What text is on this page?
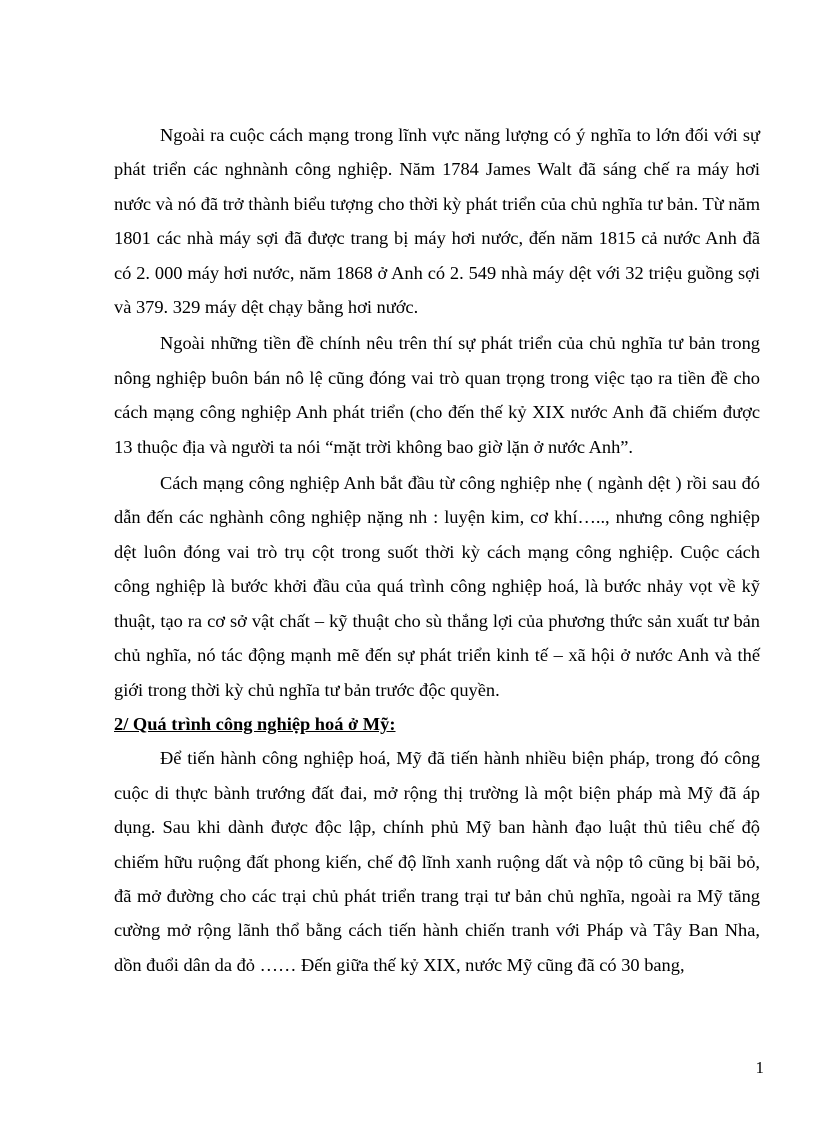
Ngoài ra cuộc cách mạng trong lĩnh vực năng lượng có ý nghĩa to lớn đối với sự phát triển các nghnành công nghiệp. Năm 1784 James Walt đã sáng chế ra máy hơi nước và nó đã trở thành biểu tượng cho thời kỳ phát triển của chủ nghĩa tư bản. Từ năm 1801 các nhà máy sợi đã được trang bị máy hơi nước, đến năm 1815 cả nước Anh đã có 2. 000 máy hơi nước, năm 1868 ở Anh có 2. 549 nhà máy dệt với 32 triệu guồng sợi và 379. 329 máy dệt chạy bằng hơi nước.

Ngoài những tiền đề chính nêu trên thí sự phát triển của chủ nghĩa tư bản trong nông nghiệp buôn bán nô lệ cũng đóng vai trò quan trọng trong việc tạo ra tiền đề cho cách mạng công nghiệp Anh phát triển (cho đến thế kỷ XIX nước Anh đã chiếm được 13 thuộc địa và người ta nói “mặt trời không bao giờ lặn ở nước Anh”.

Cách mạng công nghiệp Anh bắt đầu từ công nghiệp nhẹ ( ngành dệt ) rồi sau đó dẫn đến các nghành công nghiệp nặng nh : luyện kim, cơ khí….., nhưng công nghiệp dệt luôn đóng vai trò trụ cột trong suốt thời kỳ cách mạng công nghiệp. Cuộc cách công nghiệp là bước khởi đầu của quá trình công nghiệp hoá, là bước nhảy vọt về kỹ thuật, tạo ra cơ sở vật chất – kỹ thuật cho sù thắng lợi của phương thức sản xuất tư bản chủ nghĩa, nó tác động mạnh mẽ đến sự phát triển kinh tế – xã hội ở nước Anh và thế giới trong thời kỳ chủ nghĩa tư bản trước độc quyền.

2/ Quá trình công nghiệp hoá ở Mỹ:

Để tiến hành công nghiệp hoá, Mỹ đã tiến hành nhiều biện pháp, trong đó công cuộc di thực bành trướng đất đai, mở rộng thị trường là một biện pháp mà Mỹ đã áp dụng. Sau khi dành được độc lập, chính phủ Mỹ ban hành đạo luật thủ tiêu chế độ chiếm hữu ruộng đất phong kiến, chế độ lĩnh xanh ruộng dất và nộp tô cũng bị bãi bỏ, đã mở đường cho các trại chủ phát triển trang trại tư bản chủ nghĩa, ngoài ra Mỹ tăng cường mở rộng lãnh thổ bằng cách tiến hành chiến tranh với Pháp và Tây Ban Nha, dồn đuổi dân da đỏ …… Đến giữa thế kỷ XIX, nước Mỹ cũng đã có 30 bang,

1
